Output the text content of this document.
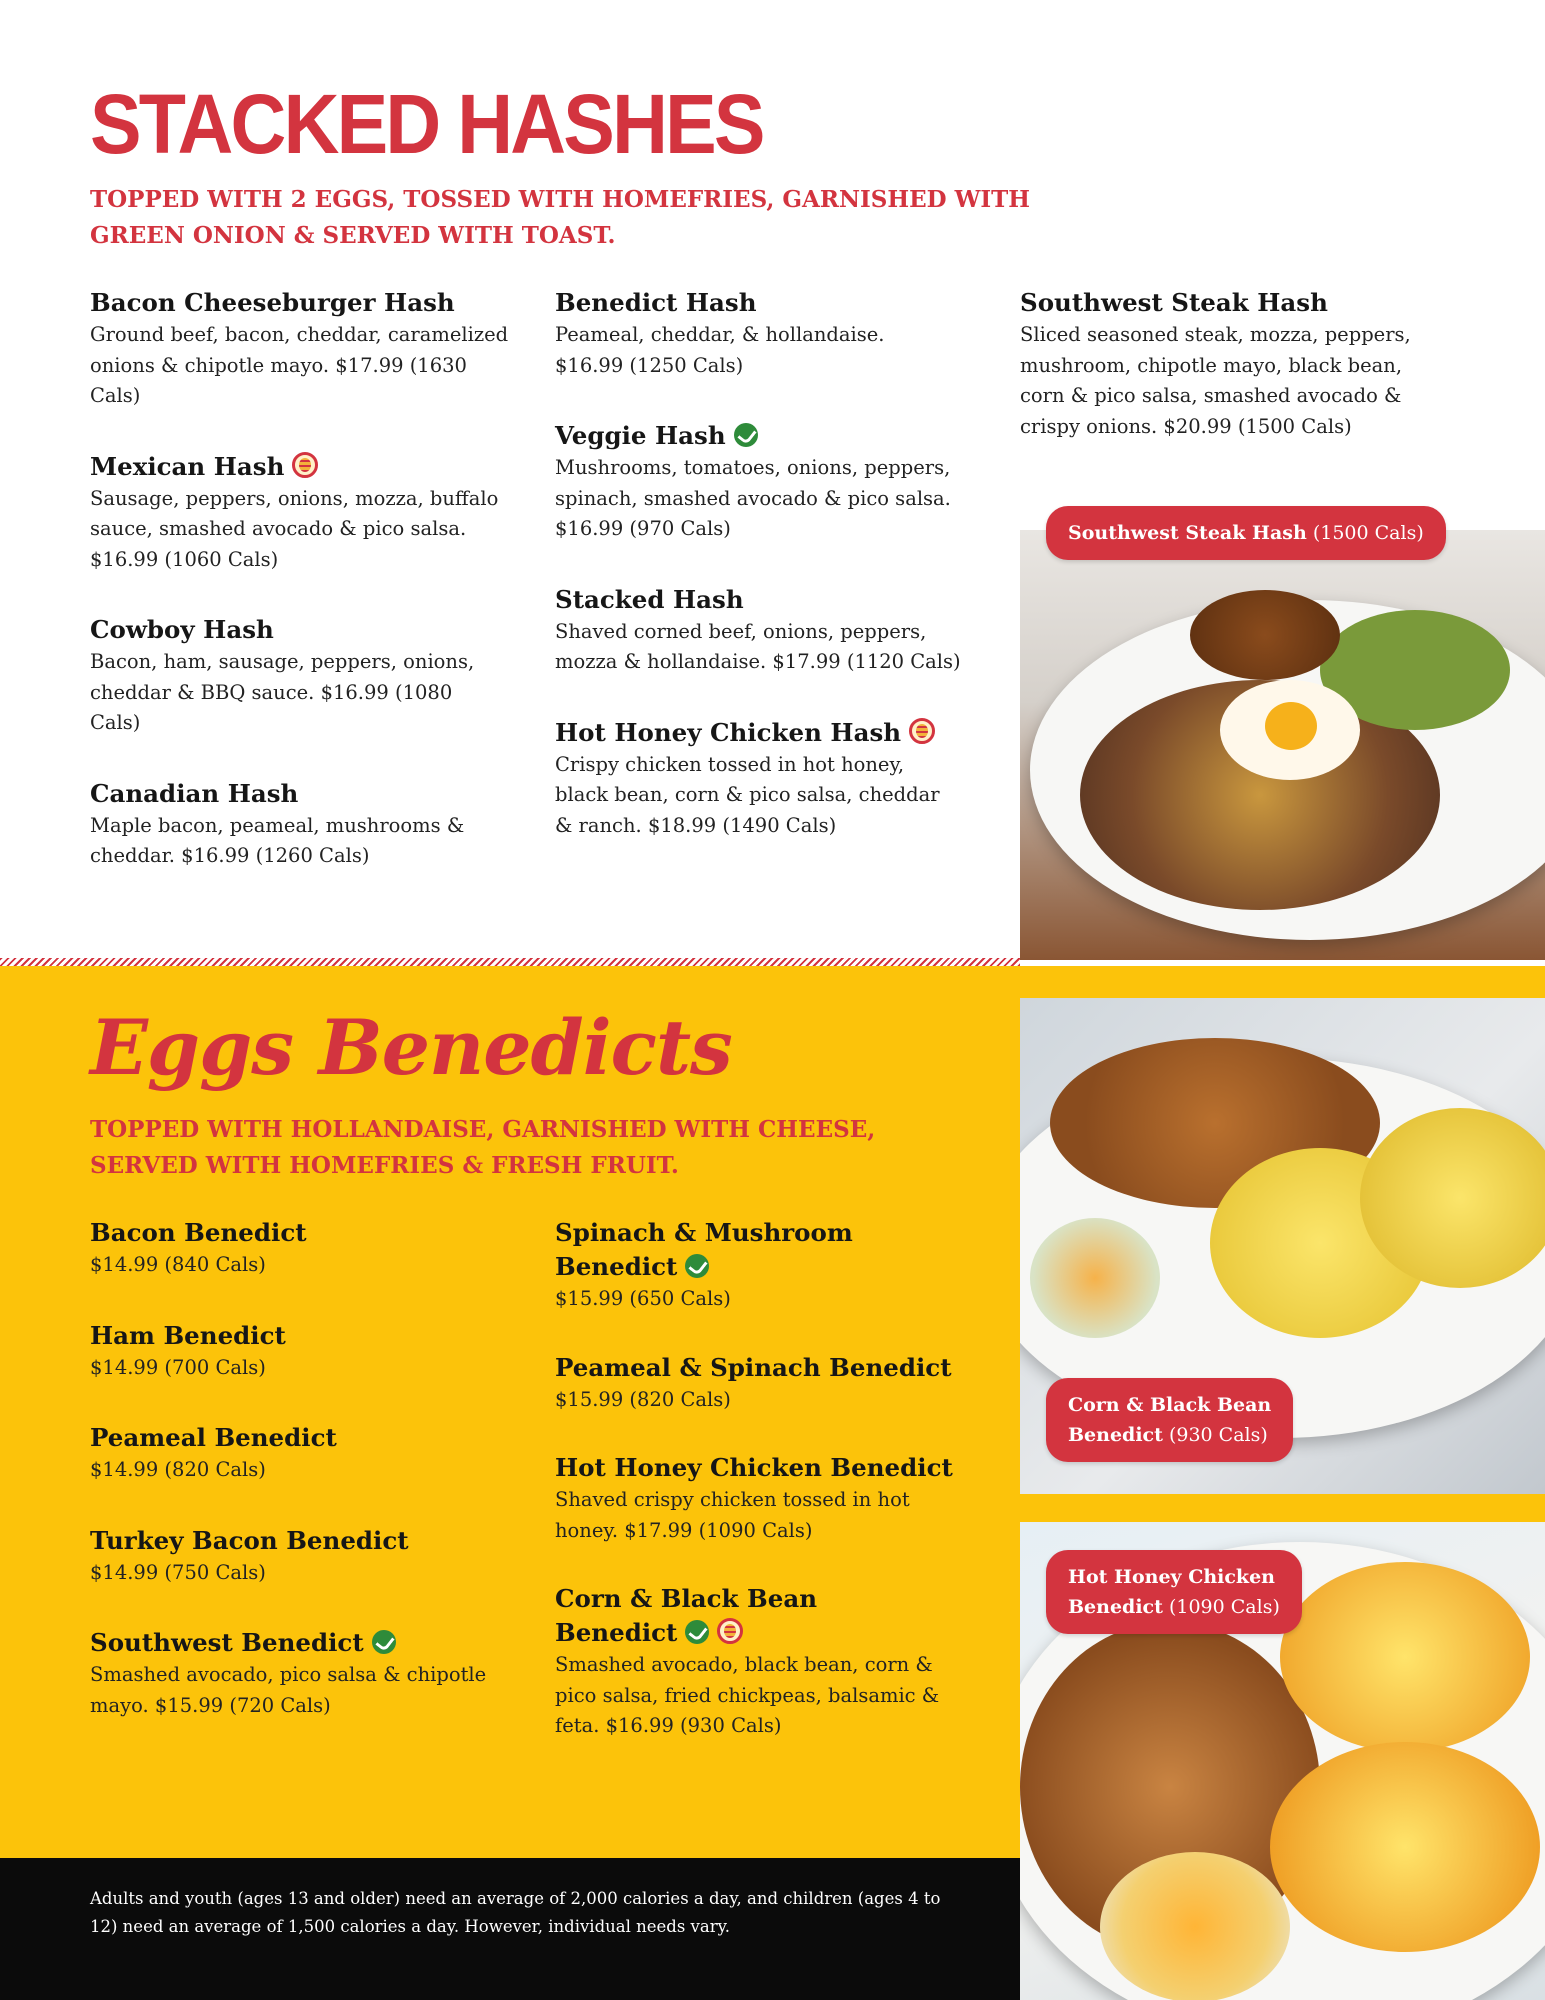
STACKED HASHES

TOPPED WITH 2 EGGS, TOSSED WITH HOMEFRIES, GARNISHED WITH
GREEN ONION & SERVED WITH TOAST.

Bacon Cheeseburger Hash
Ground beef, bacon, cheddar, caramelized onions & chipotle mayo. $17.99 (1630 Cals)
Mexican Hash
Sausage, peppers, onions, mozza, buffalo sauce, smashed avocado & pico salsa. $16.99 (1060 Cals)
Cowboy Hash
Bacon, ham, sausage, peppers, onions, cheddar & BBQ sauce. $16.99 (1080 Cals)
Canadian Hash
Maple bacon, peameal, mushrooms & cheddar. $16.99 (1260 Cals)
Benedict Hash
Peameal, cheddar, & hollandaise. $16.99 (1250 Cals)
Veggie Hash
Mushrooms, tomatoes, onions, peppers, spinach, smashed avocado & pico salsa. $16.99 (970 Cals)
Stacked Hash
Shaved corned beef, onions, peppers, mozza & hollandaise. $17.99 (1120 Cals)
Hot Honey Chicken Hash
Crispy chicken tossed in hot honey, black bean, corn & pico salsa, cheddar & ranch. $18.99 (1490 Cals)
Southwest Steak Hash
Sliced seasoned steak, mozza, peppers, mushroom, chipotle mayo, black bean, corn & pico salsa, smashed avocado & crispy onions. $20.99 (1500 Cals)
Southwest Steak Hash (1500 Cals)
Eggs Benedicts

TOPPED WITH HOLLANDAISE, GARNISHED WITH CHEESE,
SERVED WITH HOMEFRIES & FRESH FRUIT.

Bacon Benedict
$14.99 (840 Cals)
Ham Benedict
$14.99 (700 Cals)
Peameal Benedict
$14.99 (820 Cals)
Turkey Bacon Benedict
$14.99 (750 Cals)
Southwest Benedict
Smashed avocado, pico salsa & chipotle mayo. $15.99 (720 Cals)
Spinach & Mushroom
Benedict
$15.99 (650 Cals)
Peameal & Spinach Benedict
$15.99 (820 Cals)
Hot Honey Chicken Benedict
Shaved crispy chicken tossed in hot honey. $17.99 (1090 Cals)
Corn & Black Bean
Benedict
Smashed avocado, black bean, corn & pico salsa, fried chickpeas, balsamic & feta. $16.99 (930 Cals)
Corn & Black Bean
Benedict (930 Cals)
Hot Honey Chicken
Benedict (1090 Cals)

Adults and youth (ages 13 and older) need an average of 2,000 calories a day, and children (ages 4 to 12) need an average of 1,500 calories a day. However, individual needs vary.
